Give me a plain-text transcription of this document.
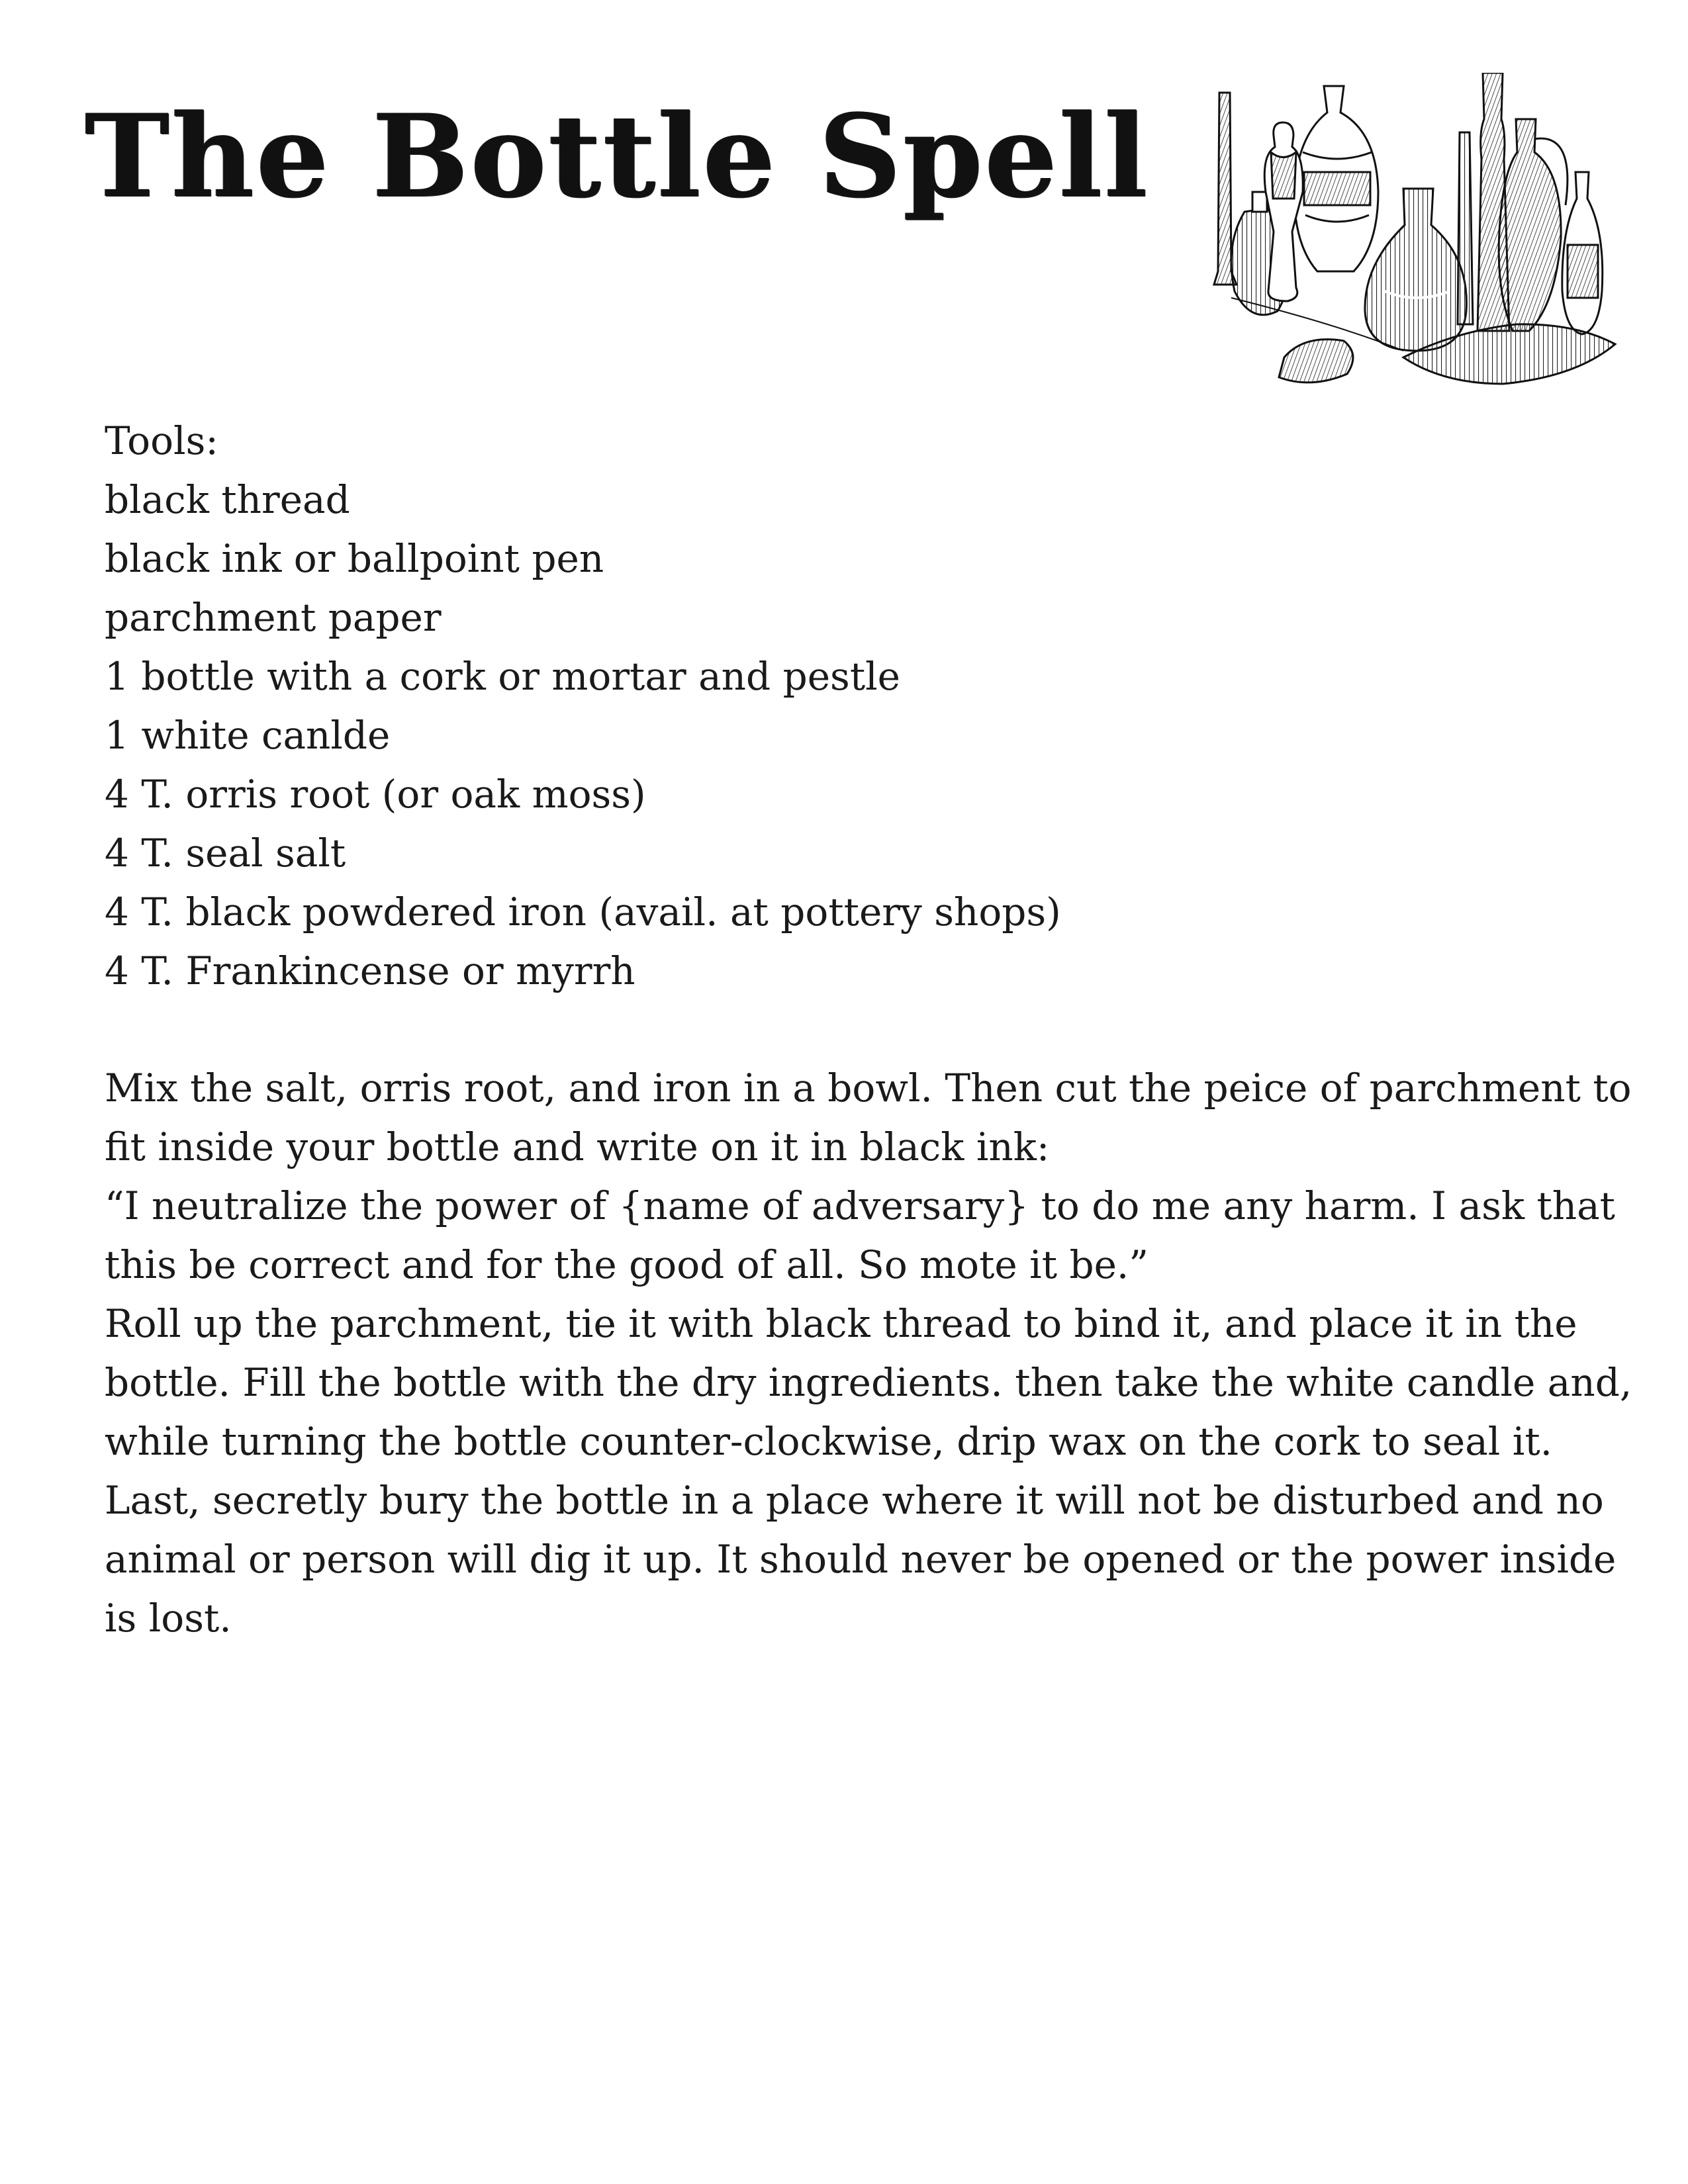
The Bottle Spell
Tools:
black thread
black ink or ballpoint pen
parchment paper
1 bottle with a cork or mortar and pestle
1 white canlde
4 T. orris root (or oak moss)
4 T. seal salt
4 T. black powdered iron (avail. at pottery shops)
4 T. Frankincense or myrrh

Mix the salt, orris root, and iron in a bowl. Then cut the peice of parchment to fit inside your bottle and write on it in black ink:

“I neutralize the power of {name of adversary} to do me any harm. I ask that this be correct and for the good of all. So mote it be.”

Roll up the parchment, tie it with black thread to bind it, and place it in the bottle. Fill the bottle with the dry ingredients. then take the white candle and, while turning the bottle counter-clockwise, drip wax on the cork to seal it. Last, secretly bury the bottle in a place where it will not be disturbed and no animal or person will dig it up. It should never be opened or the power inside is lost.
